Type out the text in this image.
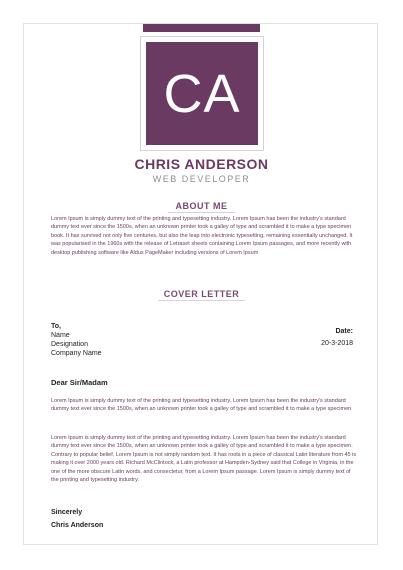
CA
CHRIS ANDERSON
WEB DEVELOPER
ABOUT ME
Lorem Ipsum is simply dummy text of the printing and typesetting industry. Lorem Ipsum has been the industry's standard dummy text ever since the 1500s, when an unknown printer took a galley of type and scrambled it to make a type specimen book. It has survived not only five centuries, but also the leap into electronic typesetting, remaining essentially unchanged. It was popularised in the 1960s with the release of Letraset sheets containing Lorem Ipsum passages, and more recently with desktop publishing software like Aldus PageMaker including versions of Lorem Ipsum
COVER LETTER
To,
Name
Designation
Company Name
Date:
20-3-2018
Dear Sir/Madam
Lorem Ipsum is simply dummy text of the printing and typesetting industry. Lorem Ipsum has been the industry's standard dummy text ever since the 1500s, when an unknown printer took a galley of type and scrambled it to make a type specimen
Lorem Ipsum is simply dummy text of the printing and typesetting industry. Lorem Ipsum has been the industry's standard dummy text ever since the 1500s, when an unknown printer took a galley of type and scrambled it to make a type specimen. Contrary to popular belief, Lorem Ipsum is not simply random text. It has roots in a piece of classical Latin literature from 45 is making it over 2000 years old. Richard McClintock, a Latin professor at Hampden-Sydney said that College in Virginia, in the one of the more obscure Latin words, and consectetur, from a Lorem Ipsum passage. Lorem Ipsum is simply dummy text of the printing and typesetting industry.
Sincerely
Chris Anderson
